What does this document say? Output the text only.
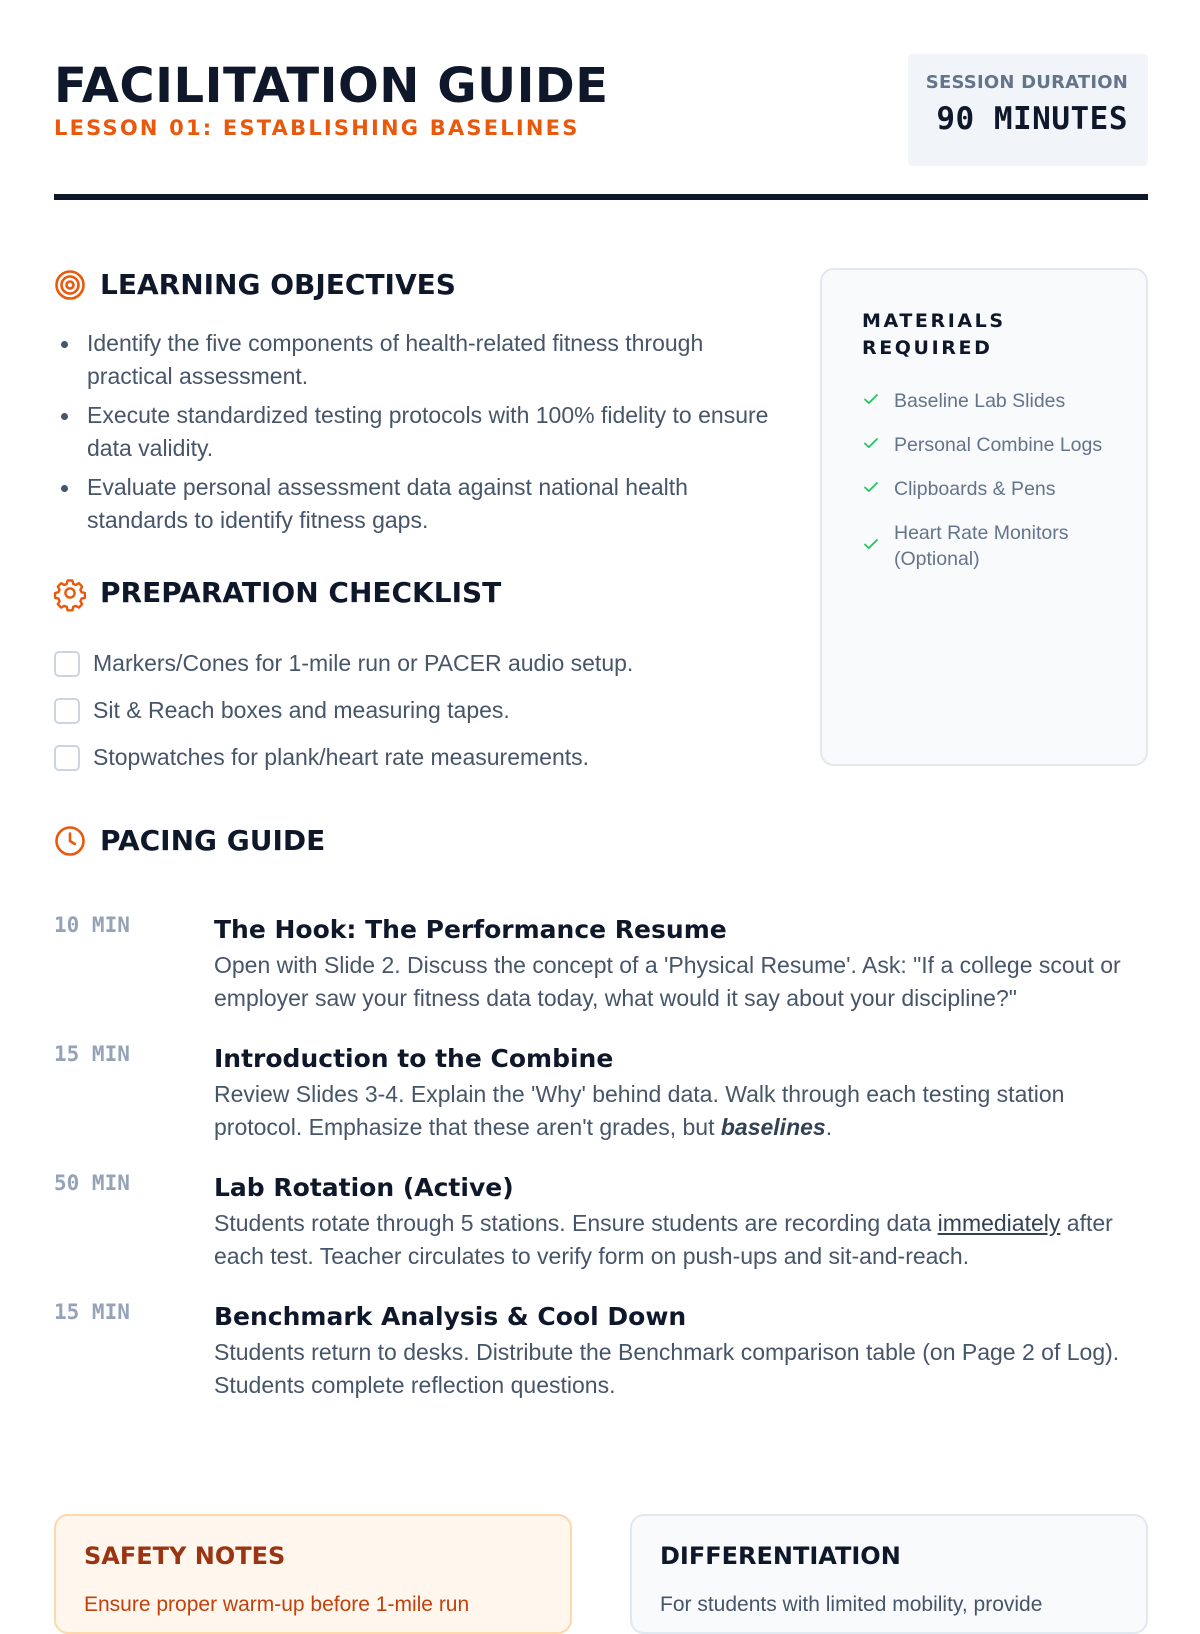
FACILITATION GUIDE
LESSON 01: ESTABLISHING BASELINES
SESSION DURATION
90 MINUTES
LEARNING OBJECTIVES
Identify the five components of health-related fitness through practical assessment.
Execute standardized testing protocols with 100% fidelity to ensure data validity.
Evaluate personal assessment data against national health standards to identify fitness gaps.
PREPARATION CHECKLIST
Markers/Cones for 1-mile run or PACER audio setup.
Sit & Reach boxes and measuring tapes.
Stopwatches for plank/heart rate measurements.
MATERIALS REQUIRED
Baseline Lab Slides
Personal Combine Logs
Clipboards & Pens
Heart Rate Monitors (Optional)
PACING GUIDE
10 MIN	The Hook: The Performance Resume

Open with Slide 2. Discuss the concept of a 'Physical Resume'. Ask: "If a college scout or employer saw your fitness data today, what would it say about your discipline?"

15 MIN	Introduction to the Combine

Review Slides 3-4. Explain the 'Why' behind data. Walk through each testing station protocol. Emphasize that these aren't grades, but baselines.

50 MIN	Lab Rotation (Active)

Students rotate through 5 stations. Ensure students are recording data immediately after each test. Teacher circulates to verify form on push-ups and sit-and-reach.

15 MIN	Benchmark Analysis & Cool Down

Students return to desks. Distribute the Benchmark comparison table (on Page 2 of Log). Students complete reflection questions.

SAFETY NOTES
Ensure proper warm-up before 1-mile run
DIFFERENTIATION
For students with limited mobility, provide
